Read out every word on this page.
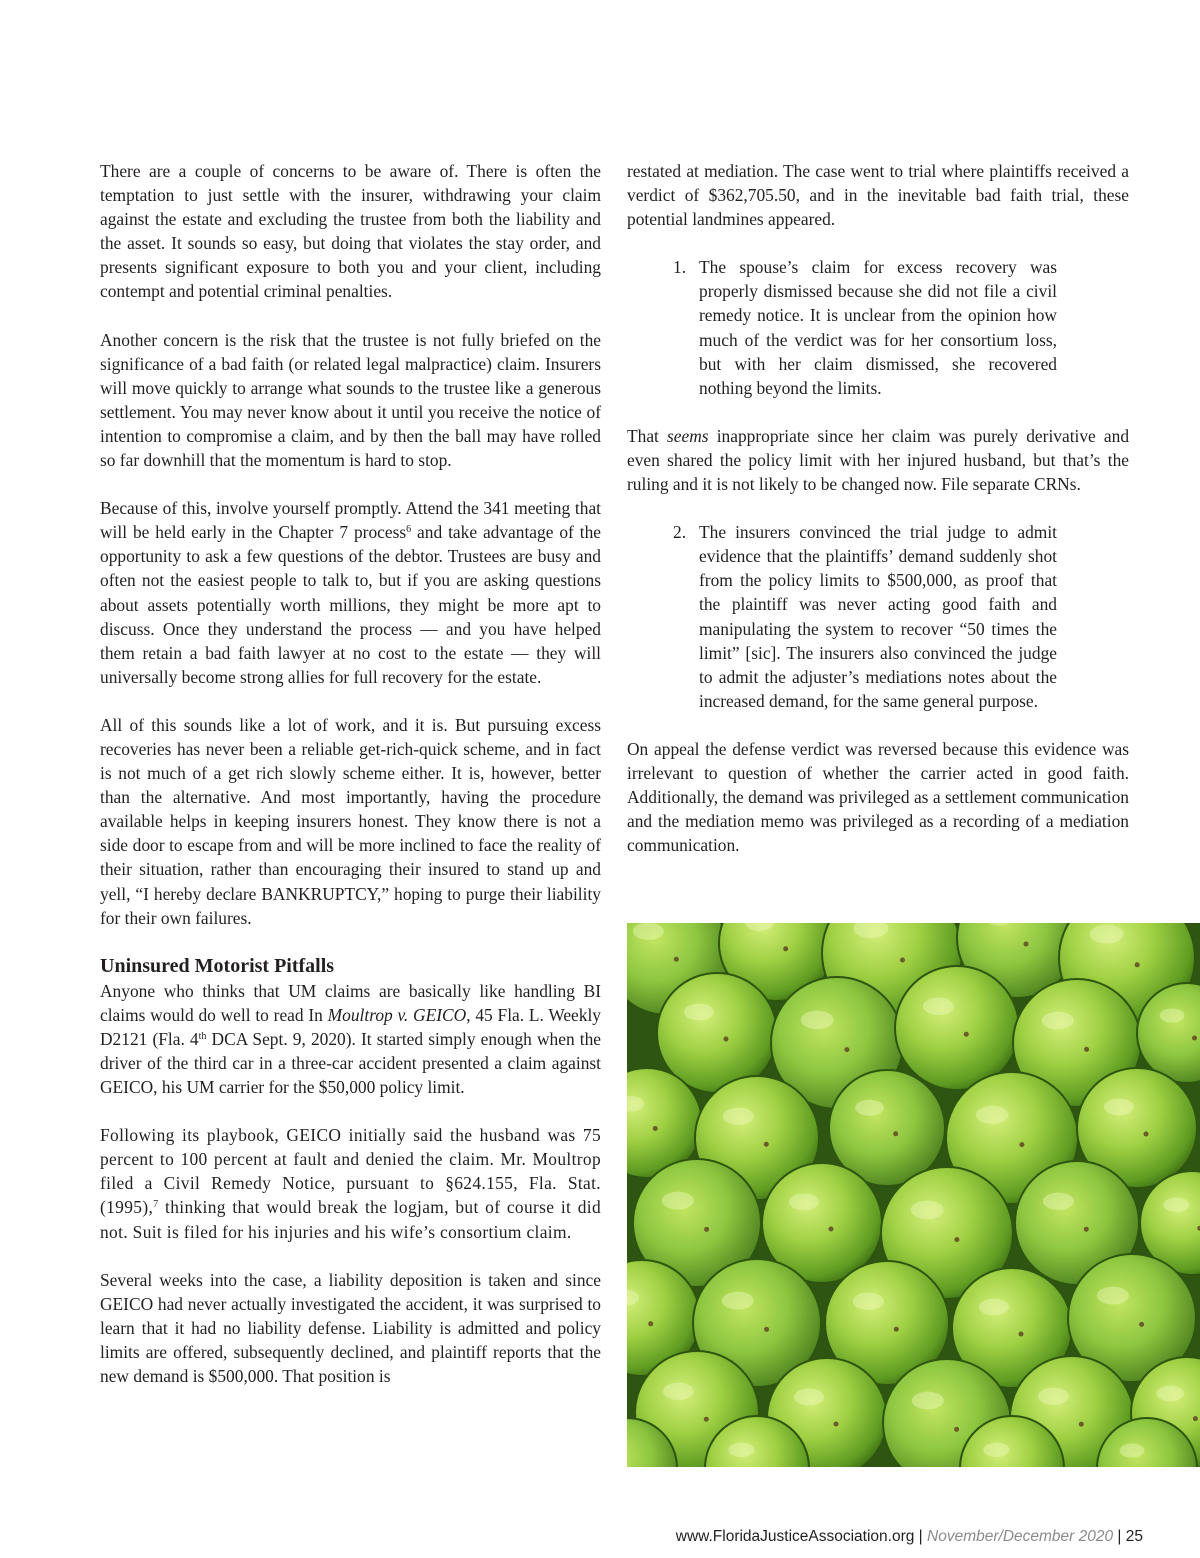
There are a couple of concerns to be aware of. There is often the temptation to just settle with the insurer, withdrawing your claim against the estate and excluding the trustee from both the liability and the asset. It sounds so easy, but doing that violates the stay order, and presents significant exposure to both you and your client, including contempt and potential criminal penalties.

Another concern is the risk that the trustee is not fully briefed on the significance of a bad faith (or related legal malpractice) claim. Insurers will move quickly to arrange what sounds to the trustee like a generous settlement. You may never know about it until you receive the notice of intention to compromise a claim, and by then the ball may have rolled so far downhill that the momentum is hard to stop.

Because of this, involve yourself promptly. Attend the 341 meeting that will be held early in the Chapter 7 process$^6$ and take advantage of the opportunity to ask a few questions of the debtor. Trustees are busy and often not the easiest people to talk to, but if you are asking questions about assets potentially worth millions, they might be more apt to discuss. Once they understand the process — and you have helped them retain a bad faith lawyer at no cost to the estate — they will universally become strong allies for full recovery for the estate.

All of this sounds like a lot of work, and it is. But pursuing excess recoveries has never been a reliable get-rich-quick scheme, and in fact is not much of a get rich slowly scheme either. It is, however, better than the alternative. And most importantly, having the procedure available helps in keeping insurers honest. They know there is not a side door to escape from and will be more inclined to face the reality of their situation, rather than encouraging their insured to stand up and yell, “I hereby declare BANKRUPTCY,” hoping to purge their liability for their own failures.

Uninsured Motorist Pitfalls

Anyone who thinks that UM claims are basically like handling BI claims would do well to read In Moultrop v. GEICO, 45 Fla. L. Weekly D2121 (Fla. 4th DCA Sept. 9, 2020). It started simply enough when the driver of the third car in a three-car accident presented a claim against GEICO, his UM carrier for the $50,000 policy limit.

Following its playbook, GEICO initially said the husband was 75 percent to 100 percent at fault and denied the claim. Mr. Moultrop filed a Civil Remedy Notice, pursuant to §624.155, Fla. Stat. (1995),$^7$ thinking that would break the logjam, but of course it did not. Suit is filed for his injuries and his wife’s consortium claim.

Several weeks into the case, a liability deposition is taken and since GEICO had never actually investigated the accident, it was surprised to learn that it had no liability defense. Liability is admitted and policy limits are offered, subsequently declined, and plaintiff reports that the new demand is $500,000. That position is

restated at mediation. The case went to trial where plaintiffs received a verdict of $362,705.50, and in the inevitable bad faith trial, these potential landmines appeared.

1. The spouse’s claim for excess recovery was properly dismissed because she did not file a civil remedy notice. It is unclear from the opinion how much of the verdict was for her consortium loss, but with her claim dismissed, she recovered nothing beyond the limits.

That seems inappropriate since her claim was purely derivative and even shared the policy limit with her injured husband, but that’s the ruling and it is not likely to be changed now. File separate CRNs.

2. The insurers convinced the trial judge to admit evidence that the plaintiffs’ demand suddenly shot from the policy limits to $500,000, as proof that the plaintiff was never acting good faith and manipulating the system to recover “50 times the limit” [sic]. The insurers also convinced the judge to admit the adjuster’s mediations notes about the increased demand, for the same general purpose.

On appeal the defense verdict was reversed because this evidence was irrelevant to question of whether the carrier acted in good faith. Additionally, the demand was privileged as a settlement communication and the mediation memo was privileged as a recording of a mediation communication.

www.FloridaJusticeAssociation.org | November/December 2020 | 25
